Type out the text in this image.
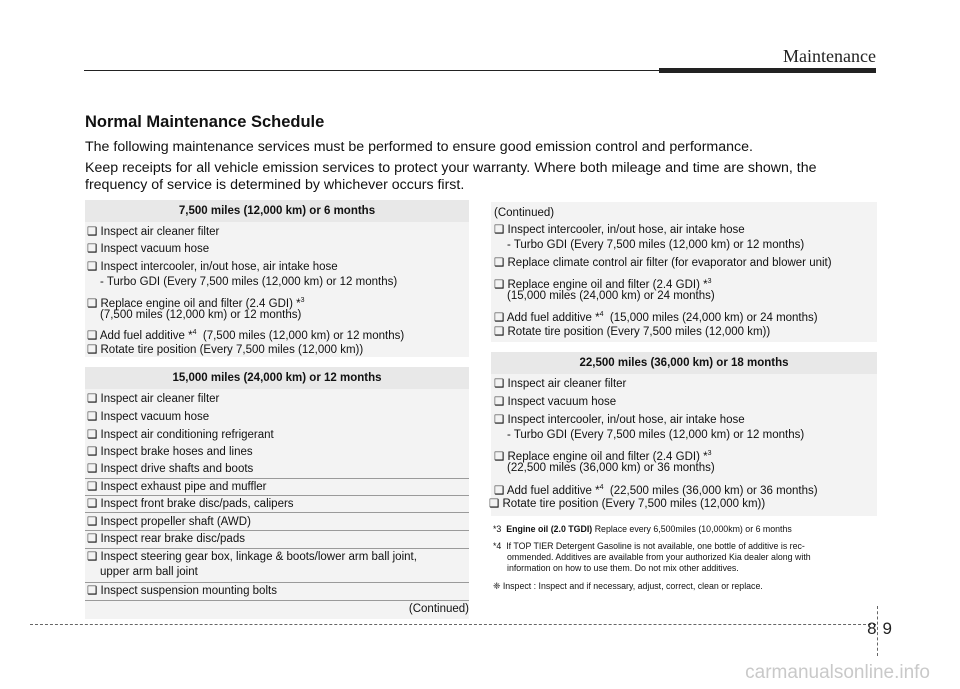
Maintenance
Normal Maintenance Schedule
The following maintenance services must be performed to ensure good emission control and performance.
Keep receipts for all vehicle emission services to protect your warranty. Where both mileage and time are shown, the
frequency of service is determined by whichever occurs first.
7,500 miles (12,000 km) or 6 months
❑ Inspect air cleaner filter
❑ Inspect vacuum hose
❑ Inspect intercooler, in/out hose, air intake hose
- Turbo GDI (Every 7,500 miles (12,000 km) or 12 months)
❑ Replace engine oil and filter (2.4 GDI) *$^3$
(7,500 miles (12,000 km) or 12 months)
❑ Add fuel additive *$^4$ (7,500 miles (12,000 km) or 12 months)
❑ Rotate tire position (Every 7,500 miles (12,000 km))
15,000 miles (24,000 km) or 12 months
❑ Inspect air cleaner filter
❑ Inspect vacuum hose
❑ Inspect air conditioning refrigerant
❑ Inspect brake hoses and lines
❑ Inspect drive shafts and boots
❑ Inspect exhaust pipe and muffler
❑ Inspect front brake disc/pads, calipers
❑ Inspect propeller shaft (AWD)
❑ Inspect rear brake disc/pads
❑ Inspect steering gear box, linkage & boots/lower arm ball joint,
upper arm ball joint
❑ Inspect suspension mounting bolts
(Continued)
(Continued)
❑ Inspect intercooler, in/out hose, air intake hose
- Turbo GDI (Every 7,500 miles (12,000 km) or 12 months)
❑ Replace climate control air filter (for evaporator and blower unit)
❑ Replace engine oil and filter (2.4 GDI) *$^3$
(15,000 miles (24,000 km) or 24 months)
❑ Add fuel additive *$^4$ (15,000 miles (24,000 km) or 24 months)
❑ Rotate tire position (Every 7,500 miles (12,000 km))
22,500 miles (36,000 km) or 18 months
❑ Inspect air cleaner filter
❑ Inspect vacuum hose
❑ Inspect intercooler, in/out hose, air intake hose
- Turbo GDI (Every 7,500 miles (12,000 km) or 12 months)
❑ Replace engine oil and filter (2.4 GDI) *$^3$
(22,500 miles (36,000 km) or 36 months)
❑ Add fuel additive *$^4$ (22,500 miles (36,000 km) or 36 months)
❑ Rotate tire position (Every 7,500 miles (12,000 km))
*3 Engine oil (2.0 TGDI) Replace every 6,500miles (10,000km) or 6 months
*4 If TOP TIER Detergent Gasoline is not available, one bottle of additive is rec-
ommended. Additives are available from your authorized Kia dealer along with
information on how to use them. Do not mix other additives.
❈ Inspect : Inspect and if necessary, adjust, correct, clean or replace.
89
carmanualsonline.info
